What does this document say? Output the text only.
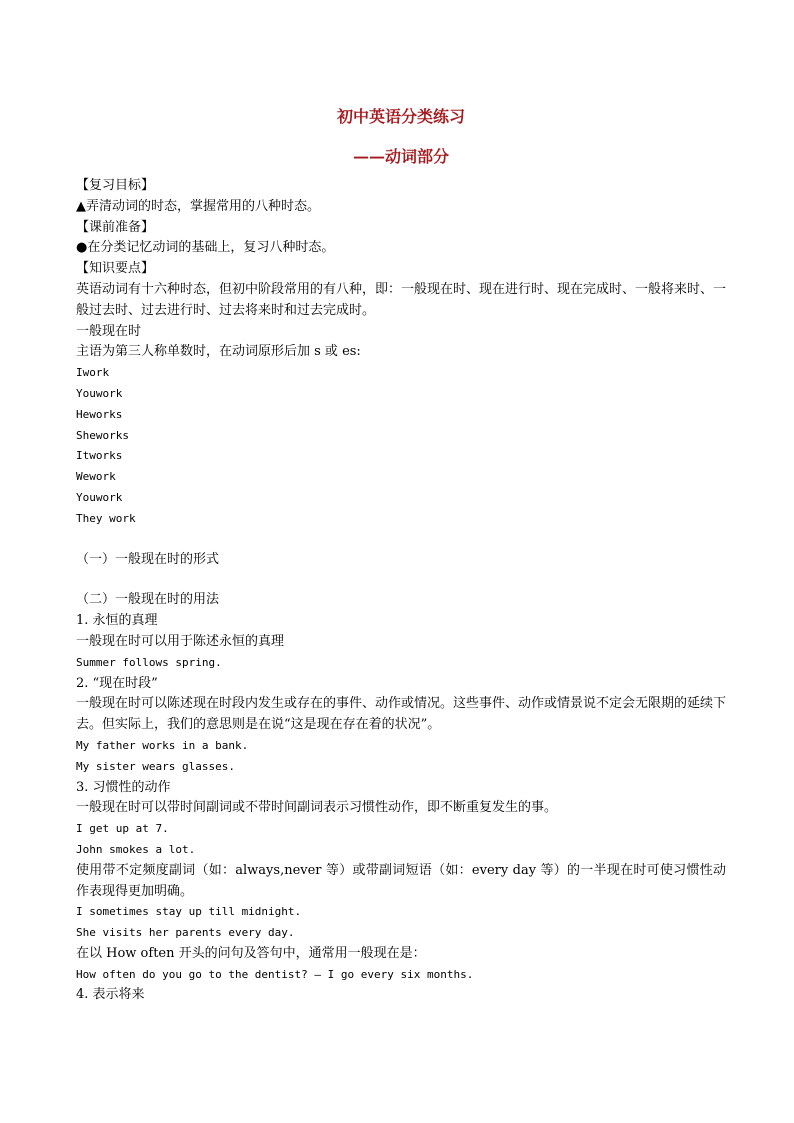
初中英语分类练习
——动词部分
【复习目标】
▲弄清动词的时态，掌握常用的八种时态。
【课前准备】
●在分类记忆动词的基础上，复习八种时态。
【知识要点】
英语动词有十六种时态，但初中阶段常用的有八种，即：一般现在时、现在进行时、现在完成时、一般将来时、一般过去时、过去进行时、过去将来时和过去完成时。
一般现在时
主语为第三人称单数时，在动词原形后加 s 或 es:
Iwork
Youwork
Heworks
Sheworks
Itworks
Wework
Youwork
They work
（一）一般现在时的形式
（二）一般现在时的用法
1. 永恒的真理
一般现在时可以用于陈述永恒的真理
Summer follows spring.
2. “现在时段”
一般现在时可以陈述现在时段内发生或存在的事件、动作或情况。这些事件、动作或情景说不定会无限期的延续下去。但实际上，我们的意思则是在说“这是现在存在着的状况”。
My father works in a bank.
My sister wears glasses.
3. 习惯性的动作
一般现在时可以带时间副词或不带时间副词表示习惯性动作，即不断重复发生的事。
I get up at 7.
John smokes a lot.
使用带不定频度副词（如：always,never 等）或带副词短语（如：every day 等）的一半现在时可使习惯性动作表现得更加明确。
I sometimes stay up till midnight.
She visits her parents every day.
在以 How often 开头的问句及答句中，通常用一般现在是：
How often do you go to the dentist? – I go every six months.
4. 表示将来
